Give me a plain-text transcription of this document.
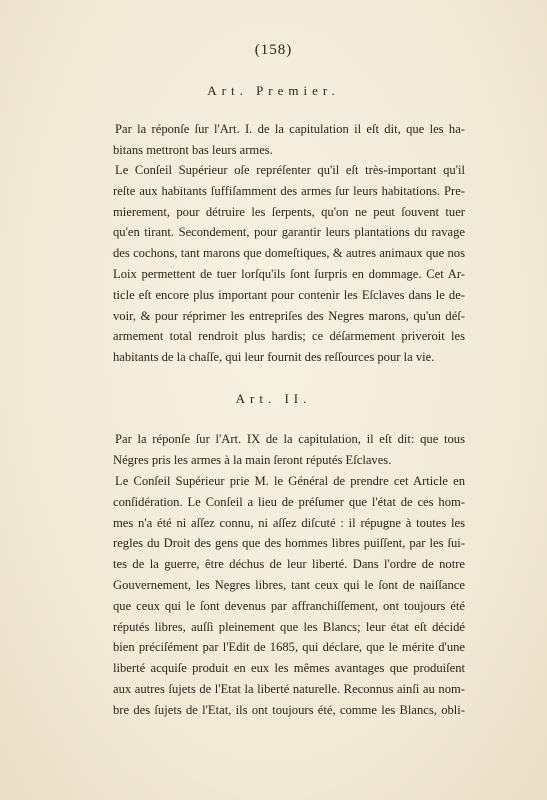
(158)
Art. Premier.
Par la réponſe ſur l'Art. I. de la capitulation il eſt dit, que les ha-
bitans mettront bas leurs armes.
Le Conſeil Supérieur oſe repréſenter qu'il eſt très-important qu'il
reſte aux habitants ſuffiſamment des armes ſur leurs habitations. Pre-
mierement, pour détruire les ſerpents, qu'on ne peut ſouvent tuer
qu'en tirant. Secondement, pour garantir leurs plantations du ravage
des cochons, tant marons que domeſtiques, & autres animaux que nos
Loix permettent de tuer lorſqu'ils ſont ſurpris en dommage. Cet Ar-
ticle eſt encore plus important pour contenir les Eſclaves dans le de-
voir, & pour réprimer les entrepriſes des Negres marons, qu'un déſ-
armement total rendroit plus hardis; ce déſarmement priveroit les
habitants de la chaſſe, qui leur fournit des reſſources pour la vie.
Art. II.
Par la réponſe ſur l'Art. IX de la capitulation, il eſt dit: que tous
Négres pris les armes à la main ſeront réputés Eſclaves.
Le Conſeil Supérieur prie M. le Général de prendre cet Article en
conſidération. Le Conſeil a lieu de préſumer que l'état de ces hom-
mes n'a été ni aſſez connu, ni aſſez diſcuté : il répugne à toutes les
regles du Droit des gens que des hommes libres puiſſent, par les ſui-
tes de la guerre, être déchus de leur liberté. Dans l'ordre de notre
Gouvernement, les Negres libres, tant ceux qui le ſont de naiſſance
que ceux qui le ſont devenus par affranchiſſement, ont toujours été
réputés libres, auſſi pleinement que les Blancs; leur état eſt décidé
bien préciſément par l'Edit de 1685, qui déclare, que le mérite d'une
liberté acquiſe produit en eux les mêmes avantages que produiſent
aux autres ſujets de l'Etat la liberté naturelle. Reconnus ainſi au nom-
bre des ſujets de l'Etat, ils ont toujours été, comme les Blancs, obli-
